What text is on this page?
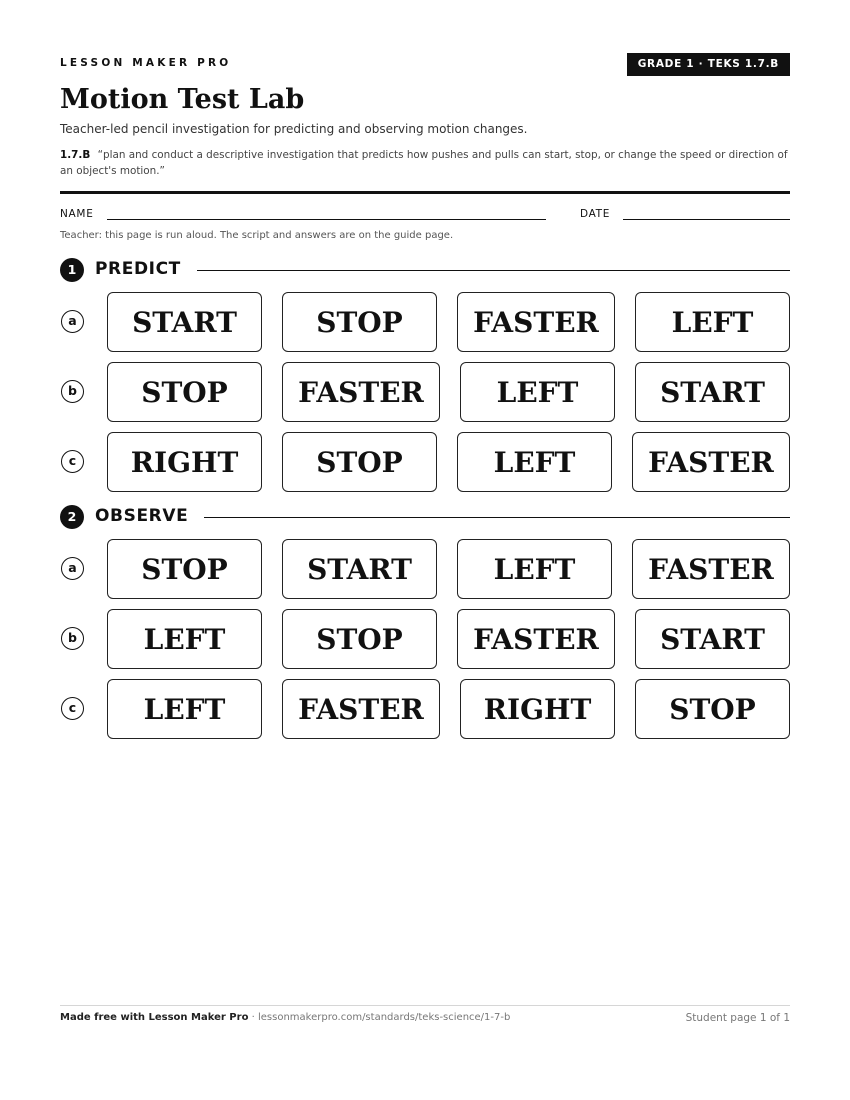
LESSON MAKER PRO	GRADE 1 · TEKS 1.7.B
Motion Test Lab
Teacher-led pencil investigation for predicting and observing motion changes.
1.7.B “plan and conduct a descriptive investigation that predicts how pushes and pulls can start, stop, or change the speed or direction of an object's motion.”
NAME	DATE
Teacher: this page is run aloud. The script and answers are on the guide page.
1	PREDICT
a	START	STOP	FASTER	LEFT
b	STOP	FASTER	LEFT	START
c	RIGHT	STOP	LEFT	FASTER
2	OBSERVE
a	STOP	START	LEFT	FASTER
b	LEFT	STOP	FASTER	START
c	LEFT	FASTER	RIGHT	STOP
Made free with Lesson Maker Pro · lessonmakerpro.com/standards/teks-science/1-7-b	Student page 1 of 1
